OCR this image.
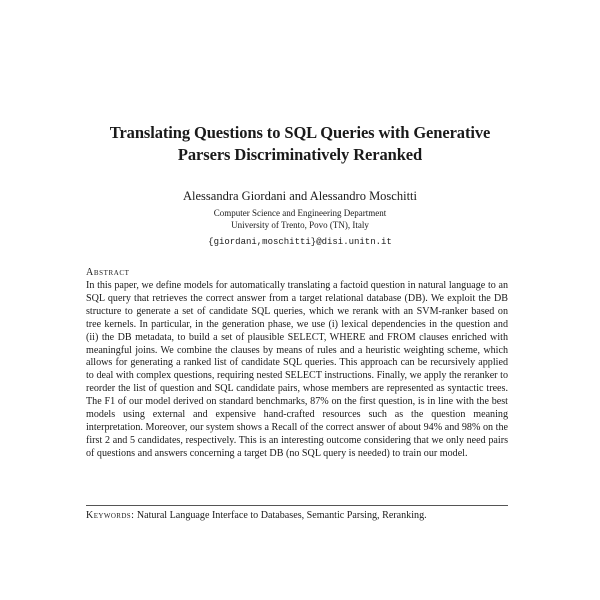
Translating Questions to SQL Queries with Generative
Parsers Discriminatively Reranked
Alessandra Giordani and Alessandro Moschitti
Computer Science and Engineering Department
University of Trento, Povo (TN), Italy
{giordani,moschitti}@disi.unitn.it
Abstract
In this paper, we define models for automatically translating a factoid question in natural language to an SQL query that retrieves the correct answer from a target relational database (DB). We exploit the DB structure to generate a set of candidate SQL queries, which we rerank with an SVM-ranker based on tree kernels. In particular, in the generation phase, we use (i) lexical dependencies in the question and (ii) the DB metadata, to build a set of plausible SELECT, WHERE and FROM clauses enriched with meaningful joins. We combine the clauses by means of rules and a heuristic weighting scheme, which allows for generating a ranked list of candidate SQL queries. This approach can be recursively applied to deal with complex questions, requiring nested SELECT instructions. Finally, we apply the reranker to reorder the list of question and SQL candidate pairs, whose members are represented as syntactic trees. The F1 of our model derived on standard benchmarks, 87% on the first question, is in line with the best models using external and expensive hand-crafted resources such as the question meaning interpretation. Moreover, our system shows a Recall of the correct answer of about 94% and 98% on the first 2 and 5 candidates, respectively. This is an interesting outcome considering that we only need pairs of questions and answers concerning a target DB (no SQL query is needed) to train our model.
Keywords: Natural Language Interface to Databases, Semantic Parsing, Reranking.
